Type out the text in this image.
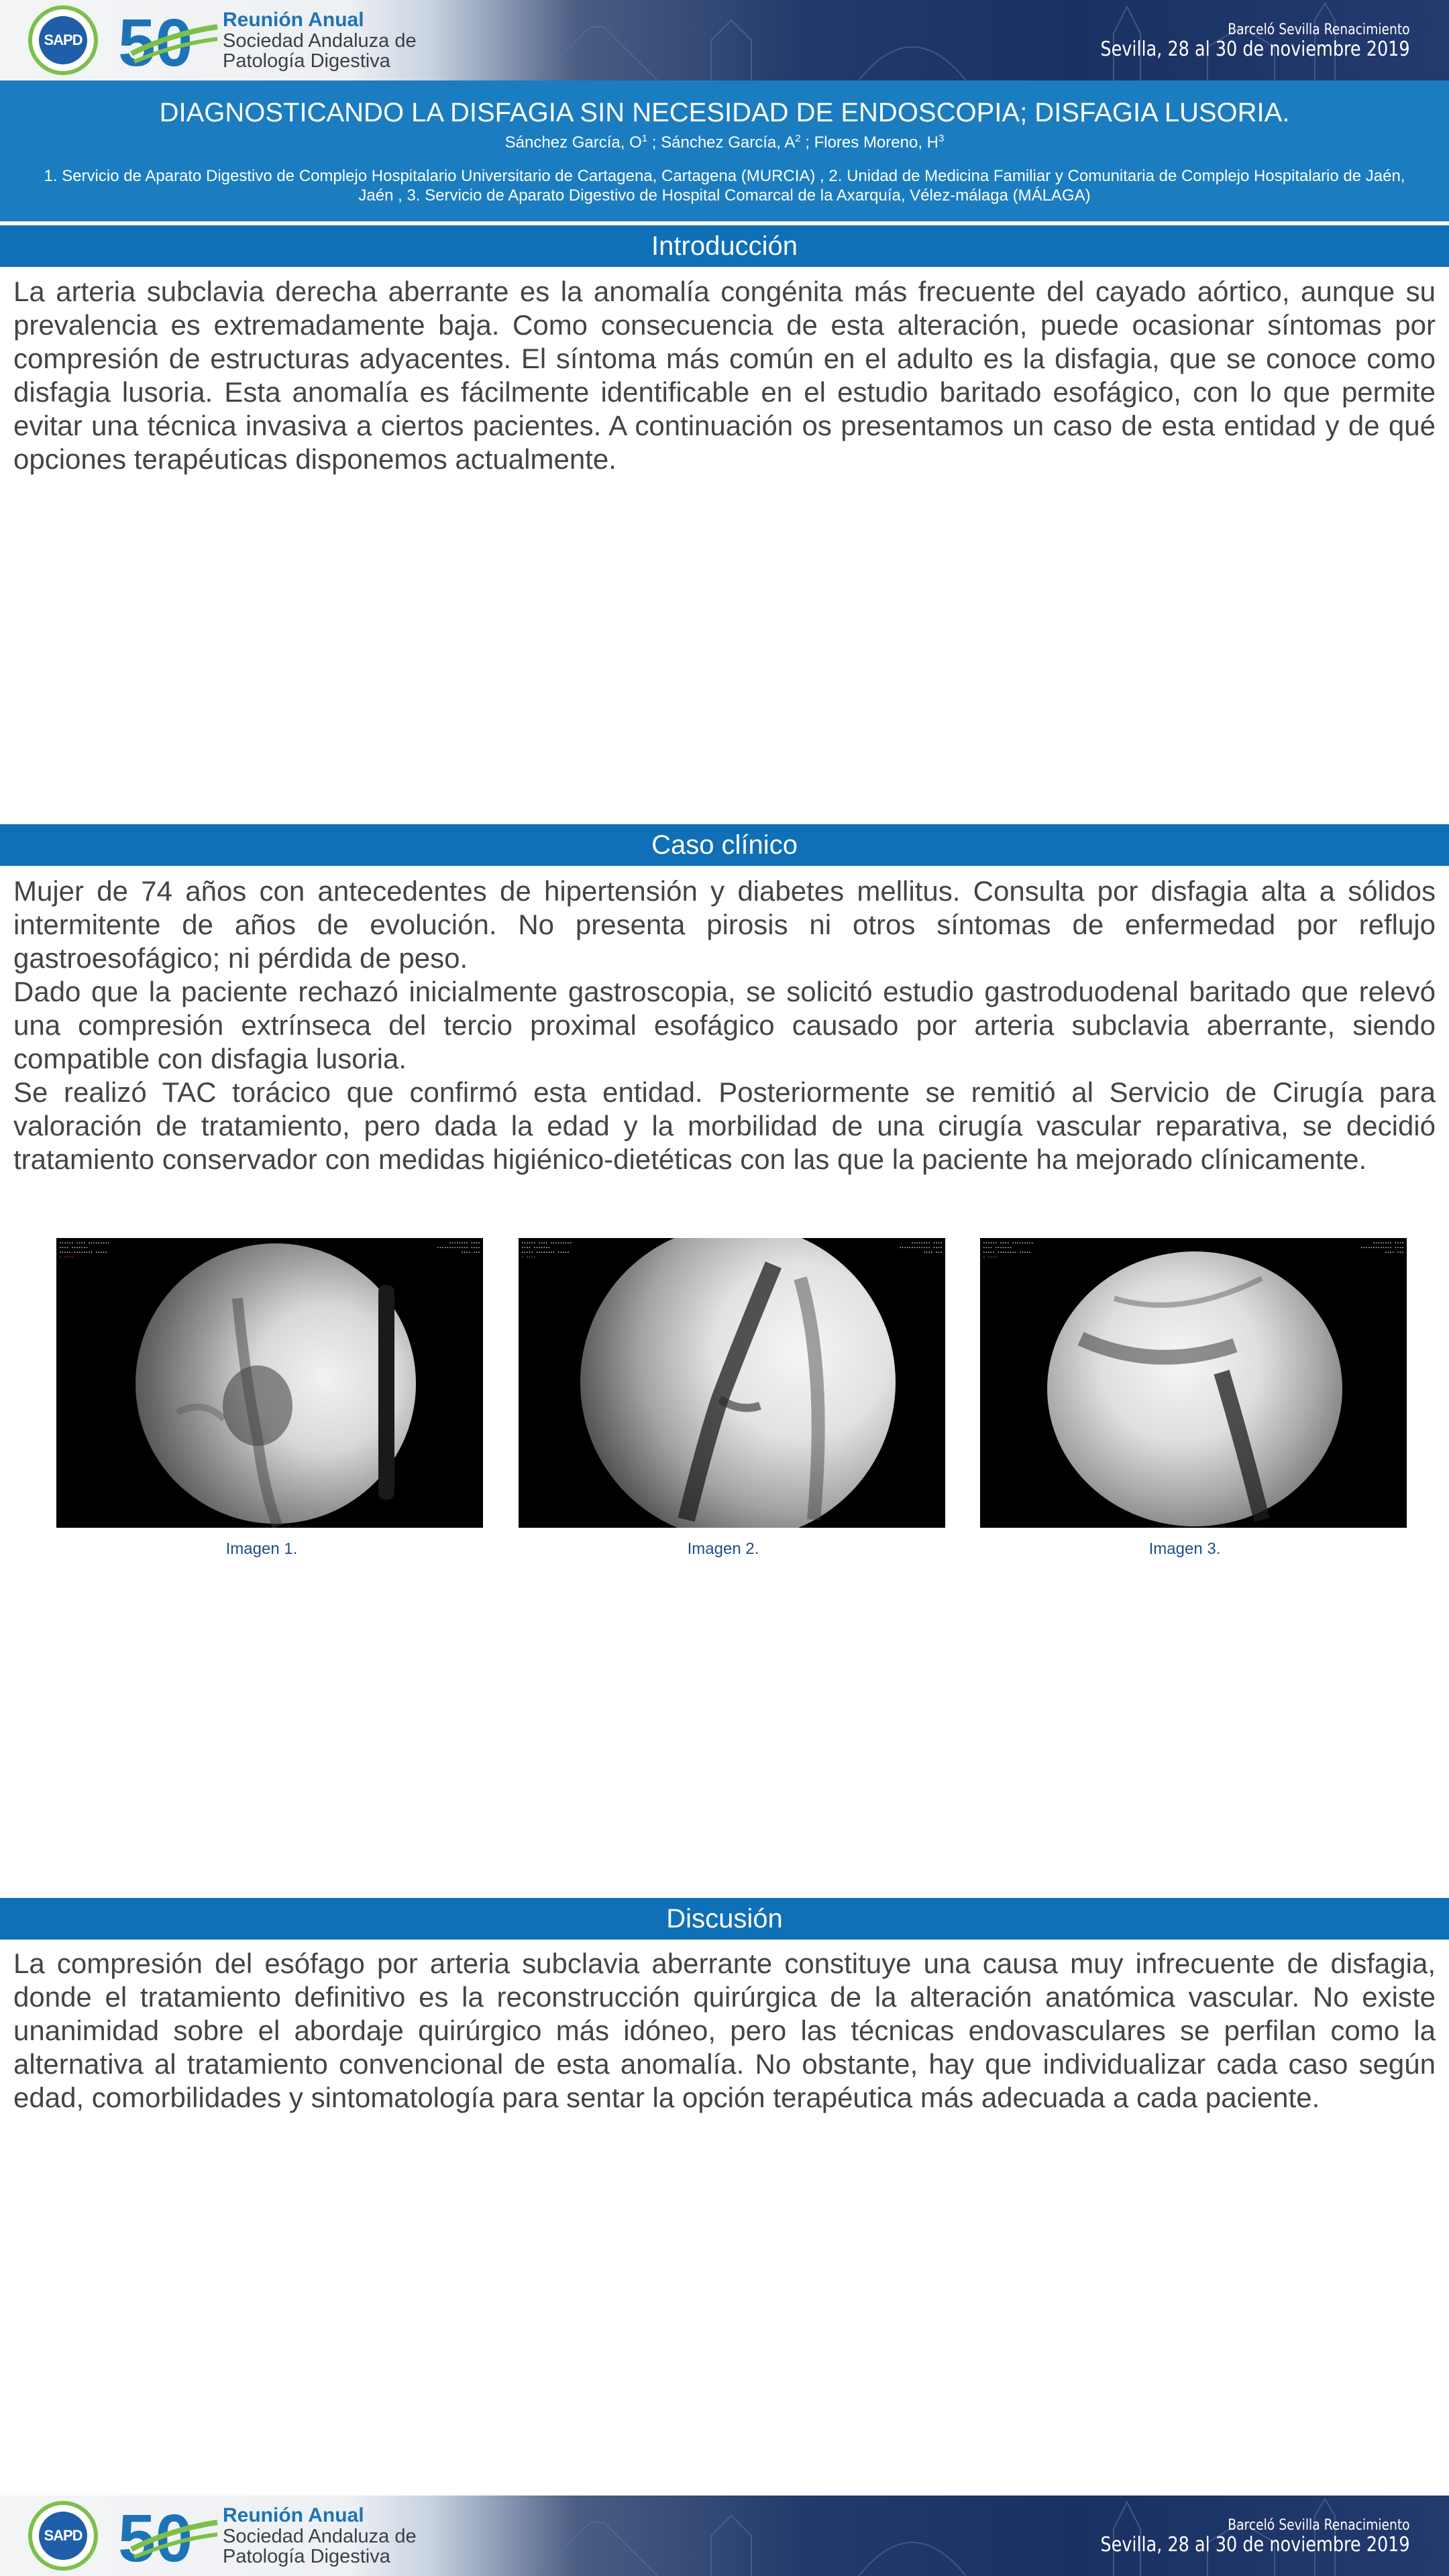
SAPD 50 Reunión Anual
Sociedad Andaluza de
Patología Digestiva
Barceló Sevilla Renacimiento
Sevilla, 28 al 30 de noviembre 2019
DIAGNOSTICANDO LA DISFAGIA SIN NECESIDAD DE ENDOSCOPIA; DISFAGIA LUSORIA.
Sánchez García, $O^1$ ; Sánchez García, $A^2$ ; Flores Moreno, $H^3$
1. Servicio de Aparato Digestivo de Complejo Hospitalario Universitario de Cartagena, Cartagena (MURCIA) , 2. Unidad de Medicina Familiar y Comunitaria de Complejo Hospitalario de Jaén, Jaén , 3. Servicio de Aparato Digestivo de Hospital Comarcal de la Axarquía, Vélez-málaga (MÁLAGA)
Introducción

La arteria subclavia derecha aberrante es la anomalía congénita más frecuente del cayado aórtico, aunque su prevalencia es extremadamente baja. Como consecuencia de esta alteración, puede ocasionar síntomas por compresión de estructuras adyacentes. El síntoma más común en el adulto es la disfagia, que se conoce como disfagia lusoria. Esta anomalía es fácilmente identificable en el estudio baritado esofágico, con lo que permite evitar una técnica invasiva a ciertos pacientes. A continuación os presentamos un caso de esta entidad y de qué opciones terapéuticas disponemos actualmente.

Caso clínico

Mujer de 74 años con antecedentes de hipertensión y diabetes mellitus. Consulta por disfagia alta a sólidos intermitente de años de evolución. No presenta pirosis ni otros síntomas de enfermedad por reflujo gastroesofágico; ni pérdida de peso.

Dado que la paciente rechazó inicialmente gastroscopia, se solicitó estudio gastroduodenal baritado que relevó una compresión extrínseca del tercio proximal esofágico causado por arteria subclavia aberrante, siendo compatible con disfagia lusoria.

Se realizó TAC torácico que confirmó esta entidad. Posteriormente se remitió al Servicio de Cirugía para valoración de tratamiento, pero dada la edad y la morbilidad de una cirugía vascular reparativa, se decidió tratamiento conservador con medidas higiénico-dietéticas con las que la paciente ha mejorado clínicamente.

▪▪▪▪▪▪ ▪▪▪▪ ▪▪▪▪▪▪▪▪▪
▪▪▪▪ ▪▪▪▪▪▪▪
▪▪▪▪▪ ▪▪▪▪▪▪▪▪ ▪▪▪▪▪
▪ ▪▪▪▪
▪▪▪▪▪▪▪▪ ▪▪▪▪
▪▪▪▪▪▪▪▪▪▪▪▪▪ ▪▪▪▪
▪▪▪▪ ▪▪▪
▪▪▪▪▪▪ ▪▪▪▪ ▪▪▪▪▪▪▪▪▪
▪▪▪▪ ▪▪▪▪▪▪▪
▪▪▪▪▪ ▪▪▪▪▪▪▪▪ ▪▪▪▪▪
▪ ▪▪▪▪
▪▪▪▪▪▪▪▪ ▪▪▪▪
▪▪▪▪▪▪▪▪▪▪▪▪▪ ▪▪▪▪
▪▪▪▪ ▪▪▪
▪▪▪▪▪▪ ▪▪▪▪ ▪▪▪▪▪▪▪▪▪
▪▪▪▪ ▪▪▪▪▪▪▪
▪▪▪▪▪ ▪▪▪▪▪▪▪▪ ▪▪▪▪▪
▪ ▪▪▪▪
▪▪▪▪▪▪▪▪ ▪▪▪▪
▪▪▪▪▪▪▪▪▪▪▪▪▪ ▪▪▪▪
▪▪▪▪ ▪▪▪
Imagen 1.	Imagen 2.	Imagen 3.
Discusión

La compresión del esófago por arteria subclavia aberrante constituye una causa muy infrecuente de disfagia, donde el tratamiento definitivo es la reconstrucción quirúrgica de la alteración anatómica vascular. No existe unanimidad sobre el abordaje quirúrgico más idóneo, pero las técnicas endovasculares se perfilan como la alternativa al tratamiento convencional de esta anomalía. No obstante, hay que individualizar cada caso según edad, comorbilidades y sintomatología para sentar la opción terapéutica más adecuada a cada paciente.

SAPD 50 Reunión Anual
Sociedad Andaluza de
Patología Digestiva
Barceló Sevilla Renacimiento
Sevilla, 28 al 30 de noviembre 2019
